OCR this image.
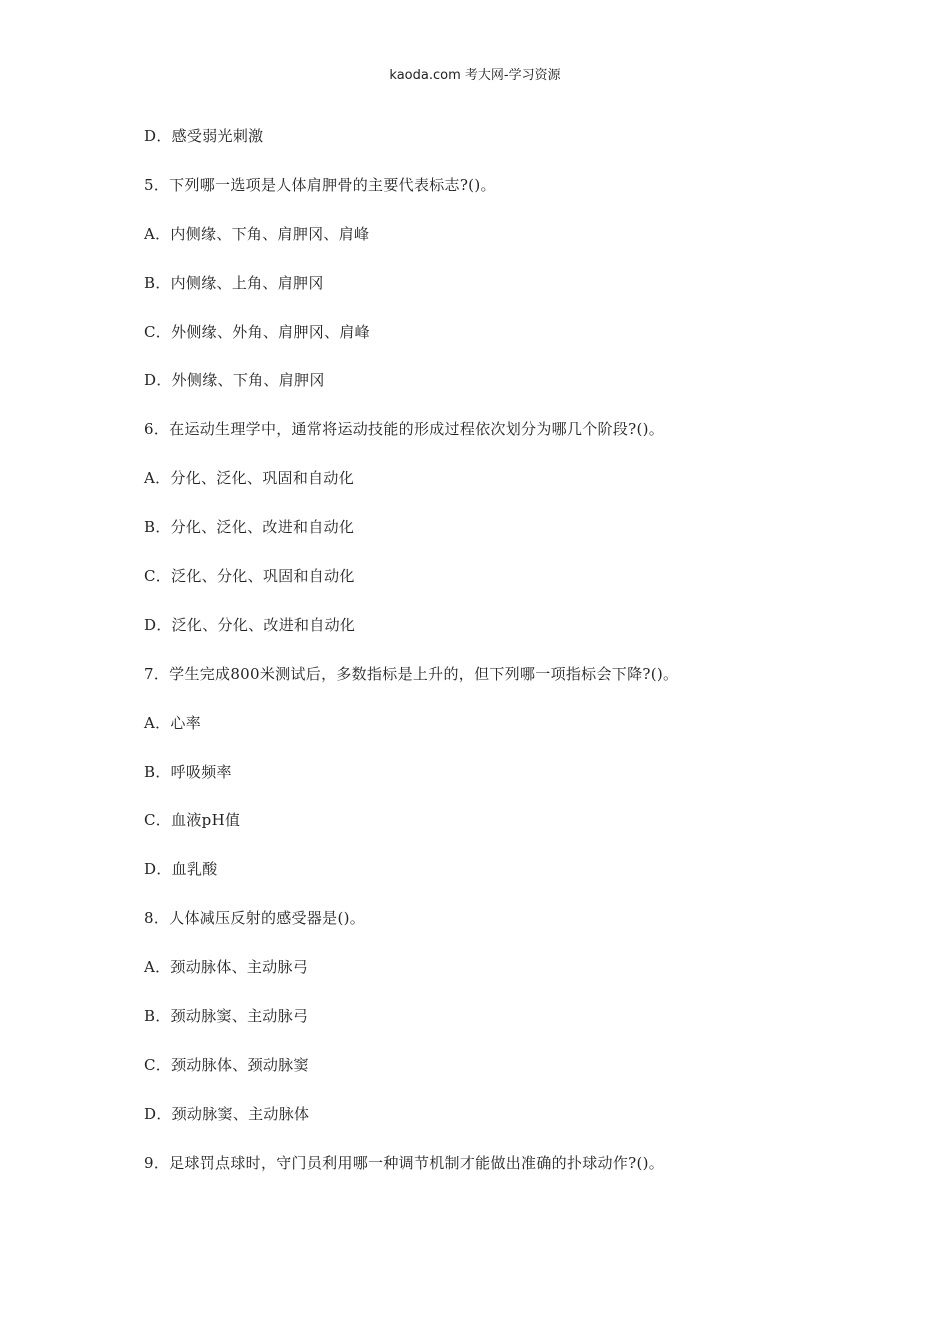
kaoda.com 考大网-学习资源
D．感受弱光刺激
5．下列哪一选项是人体肩胛骨的主要代表标志?()。
A．内侧缘、下角、肩胛冈、肩峰
B．内侧缘、上角、肩胛冈
C．外侧缘、外角、肩胛冈、肩峰
D．外侧缘、下角、肩胛冈
6．在运动生理学中，通常将运动技能的形成过程依次划分为哪几个阶段?()。
A．分化、泛化、巩固和自动化
B．分化、泛化、改进和自动化
C．泛化、分化、巩固和自动化
D．泛化、分化、改进和自动化
7．学生完成800米测试后，多数指标是上升的，但下列哪一项指标会下降?()。
A．心率
B．呼吸频率
C．血液pH值
D．血乳酸
8．人体减压反射的感受器是()。
A．颈动脉体、主动脉弓
B．颈动脉窦、主动脉弓
C．颈动脉体、颈动脉窦
D．颈动脉窦、主动脉体
9．足球罚点球时，守门员利用哪一种调节机制才能做出准确的扑球动作?()。
